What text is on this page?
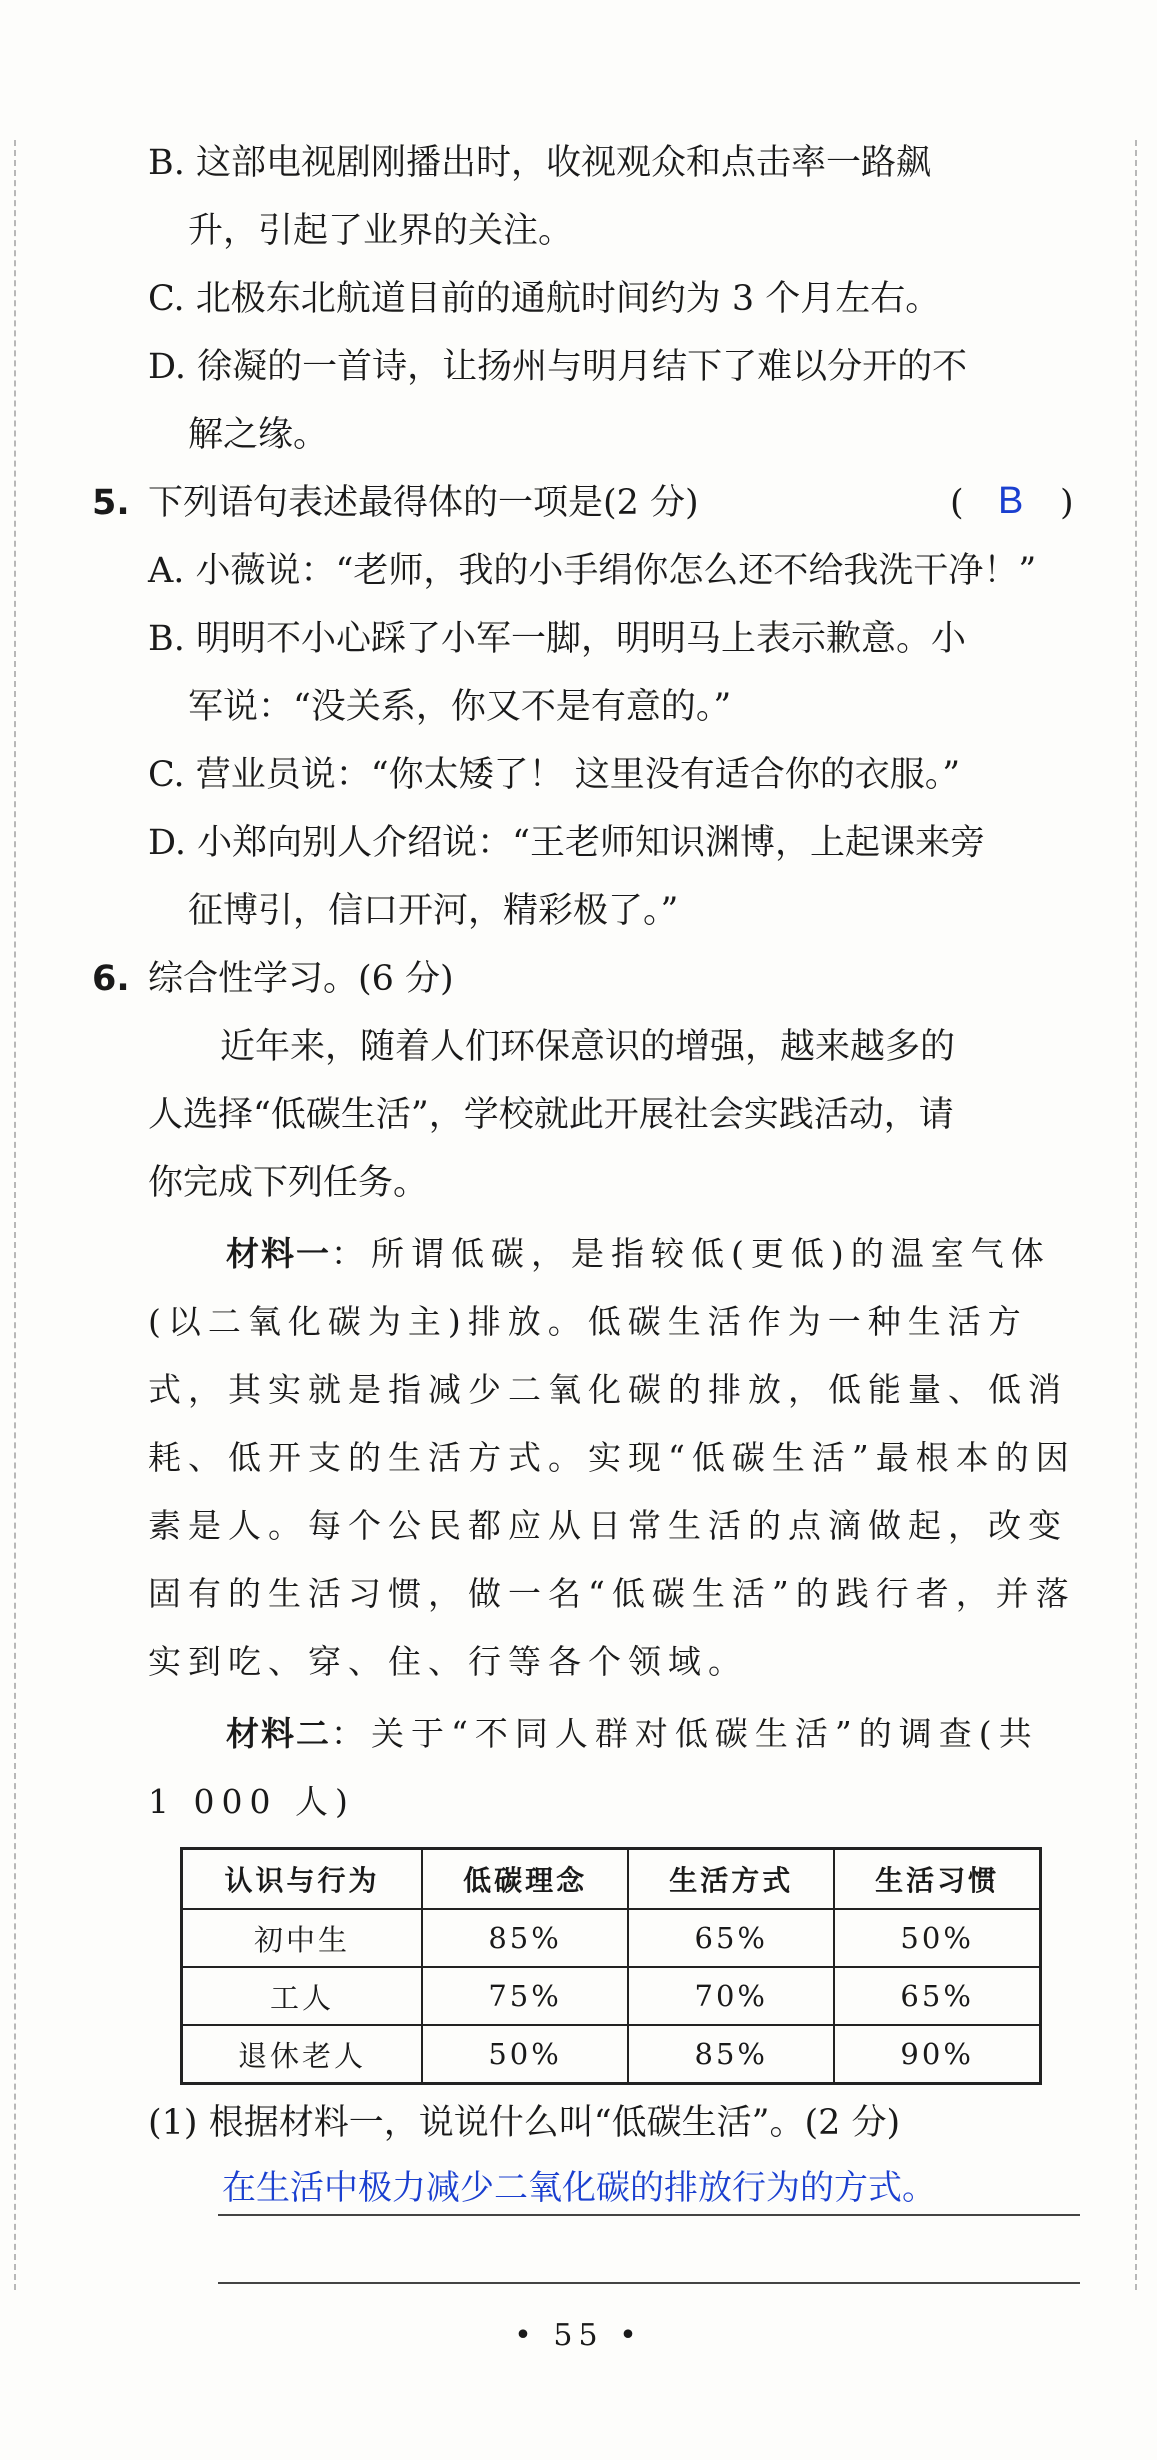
B. 这部电视剧刚播出时，收视观众和点击率一路飙
升，引起了业界的关注。
C. 北极东北航道目前的通航时间约为 3 个月左右。
D. 徐凝的一首诗，让扬州与明月结下了难以分开的不
解之缘。
5. 下列语句表述最得体的一项是(2 分)	( B )
A. 小薇说：“老师，我的小手绢你怎么还不给我洗干净！”
B. 明明不小心踩了小军一脚，明明马上表示歉意。小
军说：“没关系，你又不是有意的。”
C. 营业员说：“你太矮了！ 这里没有适合你的衣服。”
D. 小郑向别人介绍说：“王老师知识渊博，上起课来旁
征博引，信口开河，精彩极了。”
6. 综合性学习。(6 分)
近年来，随着人们环保意识的增强，越来越多的
人选择“低碳生活”，学校就此开展社会实践活动，请
你完成下列任务。
材料一：所谓低碳，是指较低(更低)的温室气体
(以二氧化碳为主)排放。低碳生活作为一种生活方
式，其实就是指减少二氧化碳的排放，低能量、低消
耗、低开支的生活方式。实现“低碳生活”最根本的因
素是人。每个公民都应从日常生活的点滴做起，改变
固有的生活习惯，做一名“低碳生活”的践行者，并落
实到吃、穿、住、行等各个领域。
材料二：关于“不同人群对低碳生活”的调查(共
1 000 人)
认识与行为	低碳理念	生活方式	生活习惯
初中生	85%	65%	50%
工人	75%	70%	65%
退休老人	50%	85%	90%
(1) 根据材料一，说说什么叫“低碳生活”。(2 分)
在生活中极力减少二氧化碳的排放行为的方式。
• 55 •
